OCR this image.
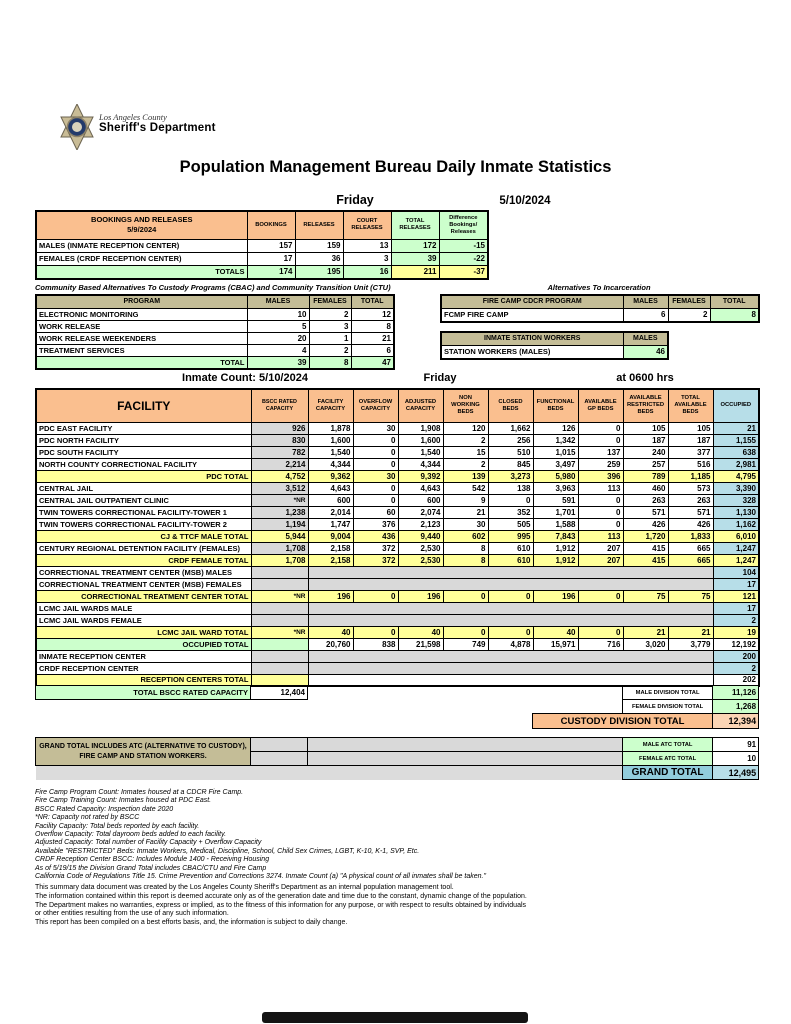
Los Angeles County
Sheriff's Department
Population Management Bureau Daily Inmate Statistics
Friday	5/10/2024
BOOKINGS AND RELEASES
5/9/2024	BOOKINGS	RELEASES	COURT RELEASES	TOTAL RELEASES	Difference Bookings/ Releases
MALES (INMATE RECEPTION CENTER)	157	159	13	172	-15
FEMALES (CRDF RECEPTION CENTER)	17	36	3	39	-22
TOTALS	174	195	16	211	-37
Community Based Alternatives To Custody Programs (CBAC) and Community Transition Unit (CTU)
PROGRAM	MALES	FEMALES	TOTAL
ELECTRONIC MONITORING	10	2	12
WORK RELEASE	5	3	8
WORK RELEASE WEEKENDERS	20	1	21
TREATMENT SERVICES	4	2	6
TOTAL	39	8	47
Alternatives To Incarceration
FIRE CAMP CDCR PROGRAM	MALES	FEMALES	TOTAL
FCMP FIRE CAMP	6	2	8
INMATE STATION WORKERS	MALES
STATION WORKERS (MALES)	46
Inmate Count: 5/10/2024	Friday	at 0600 hrs
FACILITY	BSCC RATED CAPACITY	FACILITY CAPACITY	OVERFLOW CAPACITY	ADJUSTED CAPACITY	NON WORKING BEDS	CLOSED BEDS	FUNCTIONAL BEDS	AVAILABLE GP BEDS	AVAILABLE RESTRICTED BEDS	TOTAL AVAILABLE BEDS	OCCUPIED
PDC EAST FACILITY	926	1,878	30	1,908	120	1,662	126	0	105	105	21
PDC NORTH FACILITY	830	1,600	0	1,600	2	256	1,342	0	187	187	1,155
PDC SOUTH FACILITY	782	1,540	0	1,540	15	510	1,015	137	240	377	638
NORTH COUNTY CORRECTIONAL FACILITY	2,214	4,344	0	4,344	2	845	3,497	259	257	516	2,981
PDC TOTAL	4,752	9,362	30	9,392	139	3,273	5,980	396	789	1,185	4,795
CENTRAL JAIL	3,512	4,643	0	4,643	542	138	3,963	113	460	573	3,390
CENTRAL JAIL OUTPATIENT CLINIC	*NR	600	0	600	9	0	591	0	263	263	328
TWIN TOWERS CORRECTIONAL FACILITY-TOWER 1	1,238	2,014	60	2,074	21	352	1,701	0	571	571	1,130
TWIN TOWERS CORRECTIONAL FACILITY-TOWER 2	1,194	1,747	376	2,123	30	505	1,588	0	426	426	1,162
CJ & TTCF MALE TOTAL	5,944	9,004	436	9,440	602	995	7,843	113	1,720	1,833	6,010
CENTURY REGIONAL DETENTION FACILITY (FEMALES)	1,708	2,158	372	2,530	8	610	1,912	207	415	665	1,247
CRDF FEMALE TOTAL	1,708	2,158	372	2,530	8	610	1,912	207	415	665	1,247
CORRECTIONAL TREATMENT CENTER (MSB) MALES											104
CORRECTIONAL TREATMENT CENTER (MSB) FEMALES											17
CORRECTIONAL TREATMENT CENTER TOTAL	*NR	196	0	196	0	0	196	0	75	75	121
LCMC JAIL WARDS MALE											17
LCMC JAIL WARDS FEMALE											2
LCMC JAIL WARD TOTAL	*NR	40	0	40	0	0	40	0	21	21	19
OCCUPIED TOTAL		20,760	838	21,598	749	4,878	15,971	716	3,020	3,779	12,192
INMATE RECEPTION CENTER											200
CRDF RECEPTION CENTER											2
RECEPTION CENTERS TOTAL											202
TOTAL BSCC RATED CAPACITY	12,404			MALE DIVISION TOTAL	11,126
				FEMALE DIVISION TOTAL	1,268
			CUSTODY DIVISION TOTAL		12,394
GRAND TOTAL INCLUDES ATC (ALTERNATIVE TO CUSTODY), FIRE CAMP AND STATION WORKERS.			MALE ATC TOTAL	91
			FEMALE ATC TOTAL	10
			GRAND TOTAL	12,495
Fire Camp Program Count: Inmates housed at a CDCR Fire Camp.
Fire Camp Training Count: Inmates housed at PDC East.
BSCC Rated Capacity: Inspection date 2020
*NR: Capacity not rated by BSCC
Facility Capacity: Total beds reported by each facility.
Overflow Capacity: Total dayroom beds added to each facility.
Adjusted Capacity: Total number of Facility Capacity + Overflow Capacity
Available "RESTRICTED" Beds: Inmate Workers, Medical, Discipline, School, Child Sex Crimes, LGBT, K-10, K-1, SVP, Etc.
CRDF Reception Center BSCC: Includes Module 1400 - Receiving Housing
As of 5/19/15 the Division Grand Total includes CBAC/CTU and Fire Camp
California Code of Regulations Title 15. Crime Prevention and Corrections 3274. Inmate Count (a) "A physical count of all inmates shall be taken."
This summary data document was created by the Los Angeles County Sheriff's Department as an internal population management tool.
The information contained within this report is deemed accurate only as of the generation date and time due to the constant, dynamic change of the population.
The Department makes no warranties, express or implied, as to the fitness of this information for any purpose, or with respect to results obtained by individuals
or other entities resulting from the use of any such information.
This report has been compiled on a best efforts basis, and, the information is subject to daily change.
